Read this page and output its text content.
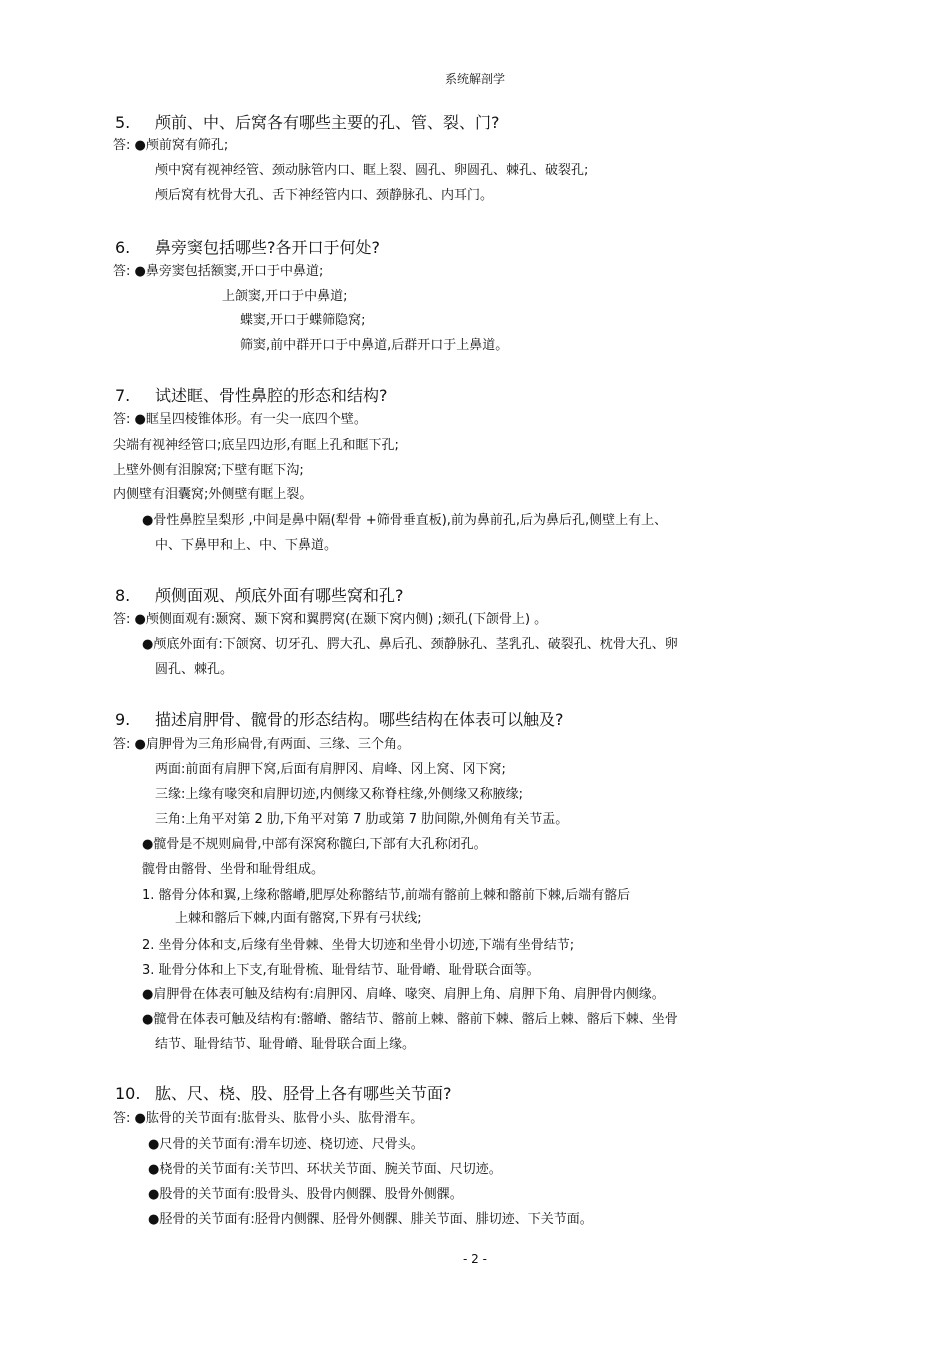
系统解剖学
5. 颅前、中、后窝各有哪些主要的孔、管、裂、门?
答: ●颅前窝有筛孔;
颅中窝有视神经管、颈动脉管内口、眶上裂、圆孔、卵圆孔、棘孔、破裂孔;
颅后窝有枕骨大孔、舌下神经管内口、颈静脉孔、内耳门。
6. 鼻旁窦包括哪些?各开口于何处?
答: ●鼻旁窦包括额窦,开口于中鼻道;
上颌窦,开口于中鼻道;
蝶窦,开口于蝶筛隐窝;
筛窦,前中群开口于中鼻道,后群开口于上鼻道。
7. 试述眶、骨性鼻腔的形态和结构?
答: ●眶呈四棱锥体形。有一尖一底四个壁。
尖端有视神经管口;底呈四边形,有眶上孔和眶下孔;
上壁外侧有泪腺窝;下壁有眶下沟;
内侧壁有泪囊窝;外侧壁有眶上裂。
●骨性鼻腔呈梨形 ,中间是鼻中隔(犁骨 +筛骨垂直板),前为鼻前孔,后为鼻后孔,侧壁上有上、
中、下鼻甲和上、中、下鼻道。
8. 颅侧面观、颅底外面有哪些窝和孔?
答: ●颅侧面观有:颞窝、颞下窝和翼腭窝(在颞下窝内侧) ;颏孔(下颌骨上) 。
●颅底外面有:下颌窝、切牙孔、腭大孔、鼻后孔、颈静脉孔、茎乳孔、破裂孔、枕骨大孔、卵
圆孔、棘孔。
9. 描述肩胛骨、髋骨的形态结构。哪些结构在体表可以触及?
答: ●肩胛骨为三角形扁骨,有两面、三缘、三个角。
两面:前面有肩胛下窝,后面有肩胛冈、肩峰、冈上窝、冈下窝;
三缘:上缘有喙突和肩胛切迹,内侧缘又称脊柱缘,外侧缘又称腋缘;
三角:上角平对第 2 肋,下角平对第 7 肋或第 7 肋间隙,外侧角有关节盂。
●髋骨是不规则扁骨,中部有深窝称髋臼,下部有大孔称闭孔。
髋骨由髂骨、坐骨和耻骨组成。
1. 髂骨分体和翼,上缘称髂嵴,肥厚处称髂结节,前端有髂前上棘和髂前下棘,后端有髂后
上棘和髂后下棘,内面有髂窝,下界有弓状线;
2. 坐骨分体和支,后缘有坐骨棘、坐骨大切迹和坐骨小切迹,下端有坐骨结节;
3. 耻骨分体和上下支,有耻骨梳、耻骨结节、耻骨嵴、耻骨联合面等。
●肩胛骨在体表可触及结构有:肩胛冈、肩峰、喙突、肩胛上角、肩胛下角、肩胛骨内侧缘。
●髋骨在体表可触及结构有:髂嵴、髂结节、髂前上棘、髂前下棘、髂后上棘、髂后下棘、坐骨
结节、耻骨结节、耻骨嵴、耻骨联合面上缘。
10. 肱、尺、桡、股、胫骨上各有哪些关节面?
答: ●肱骨的关节面有:肱骨头、肱骨小头、肱骨滑车。
●尺骨的关节面有:滑车切迹、桡切迹、尺骨头。
●桡骨的关节面有:关节凹、环状关节面、腕关节面、尺切迹。
●股骨的关节面有:股骨头、股骨内侧髁、股骨外侧髁。
●胫骨的关节面有:胫骨内侧髁、胫骨外侧髁、腓关节面、腓切迹、下关节面。
- 2 -
